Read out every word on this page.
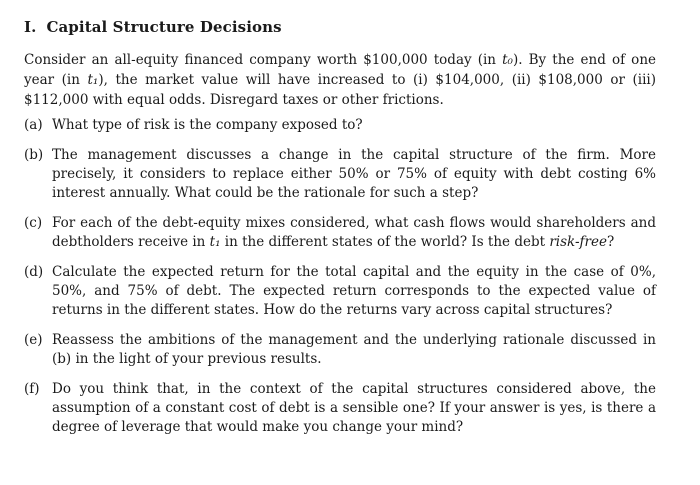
I. Capital Structure Decisions

Consider an all-equity financed company worth $100,000 today (in t₀). By the end of one year (in t₁), the market value will have increased to (i) $104,000, (ii) $108,000 or (iii) $112,000 with equal odds. Disregard taxes or other frictions.

(a) What type of risk is the company exposed to?
(b) The management discusses a change in the capital structure of the firm. More precisely, it considers to replace either 50% or 75% of equity with debt costing 6% interest annually. What could be the rationale for such a step?
(c) For each of the debt-equity mixes considered, what cash flows would shareholders and debtholders receive in t₁ in the different states of the world? Is the debt risk-free?
(d) Calculate the expected return for the total capital and the equity in the case of 0%, 50%, and 75% of debt. The expected return corresponds to the expected value of returns in the different states. How do the returns vary across capital structures?
(e) Reassess the ambitions of the management and the underlying rationale discussed in (b) in the light of your previous results.
(f) Do you think that, in the context of the capital structures considered above, the assumption of a constant cost of debt is a sensible one? If your answer is yes, is there a degree of leverage that would make you change your mind?
